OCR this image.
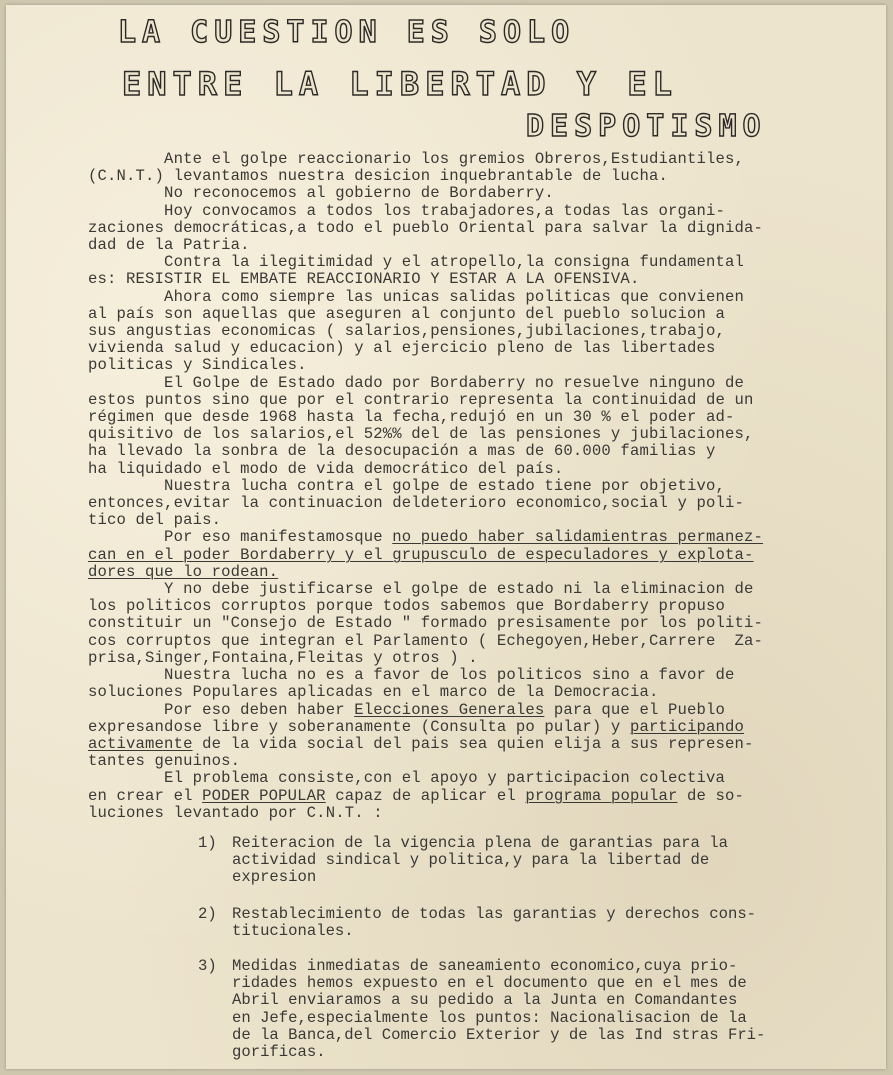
LA CUESTION ES SOLO
ENTRE LA LIBERTAD Y EL
DESPOTISMO
Ante el golpe reaccionario los gremios Obreros,Estudiantiles,
(C.N.T.) levantamos nuestra desicion inquebrantable de lucha.
No reconocemos al gobierno de Bordaberry.
Hoy convocamos a todos los trabajadores,a todas las organi-
zaciones democráticas,a todo el pueblo Oriental para salvar la dignida-
dad de la Patria.
Contra la ilegitimidad y el atropello,la consigna fundamental
es: RESISTIR EL EMBATE REACCIONARIO Y ESTAR A LA OFENSIVA.
Ahora como siempre las unicas salidas politicas que convienen
al país son aquellas que aseguren al conjunto del pueblo solucion a
sus angustias economicas ( salarios,pensiones,jubilaciones,trabajo,
vivienda salud y educacion) y al ejercicio pleno de las libertades
politicas y Sindicales.
El Golpe de Estado dado por Bordaberry no resuelve ninguno de
estos puntos sino que por el contrario representa la continuidad de un
régimen que desde 1968 hasta la fecha,redujó en un 30 % el poder ad-
quisitivo de los salarios,el 52%% del de las pensiones y jubilaciones,
ha llevado la sonbra de la desocupación a mas de 60.000 familias y
ha liquidado el modo de vida democrático del país.
Nuestra lucha contra el golpe de estado tiene por objetivo,
entonces,evitar la continuacion deldeterioro economico,social y poli-
tico del pais.
Por eso manifestamosque no puedo haber salidamientras permanez-
can en el poder Bordaberry y el grupusculo de especuladores y explota-
dores que lo rodean.
Y no debe justificarse el golpe de estado ni la eliminacion de
los politicos corruptos porque todos sabemos que Bordaberry propuso
constituir un "Consejo de Estado " formado presisamente por los politi-
cos corruptos que integran el Parlamento ( Echegoyen,Heber,Carrere  Za-
prisa,Singer,Fontaina,Fleitas y otros ) .
Nuestra lucha no es a favor de los politicos sino a favor de
soluciones Populares aplicadas en el marco de la Democracia.
Por eso deben haber Elecciones Generales para que el Pueblo
expresandose libre y soberanamente (Consulta po pular) y participando
activamente de la vida social del pais sea quien elija a sus represen-
tantes genuinos.
El problema consiste,con el apoyo y participacion colectiva
en crear el PODER POPULAR capaz de aplicar el programa popular de so-
luciones levantado por C.N.T. :
1) Reiteracion de la vigencia plena de garantias para la
actividad sindical y politica,y para la libertad de
expresion
2) Restablecimiento de todas las garantias y derechos cons-
titucionales.
3) Medidas inmediatas de saneamiento economico,cuya prio-
ridades hemos expuesto en el documento que en el mes de
Abril enviaramos a su pedido a la Junta en Comandantes
en Jefe,especialmente los puntos: Nacionalisacion de la
de la Banca,del Comercio Exterior y de las Ind stras Fri-
gorificas.
